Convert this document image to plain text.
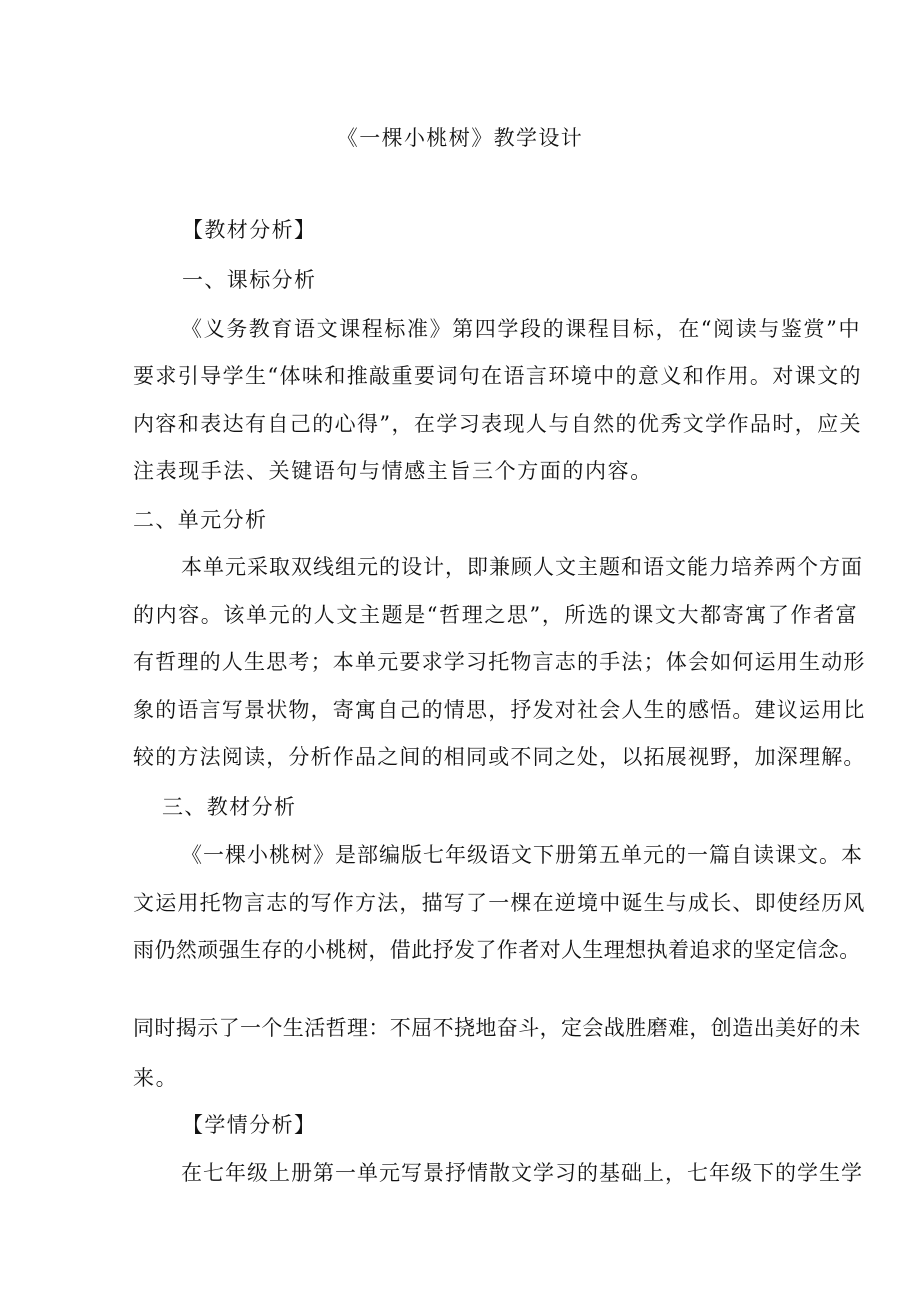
《一棵小桃树》教学设计
【教材分析】
一、课标分析
《义务教育语文课程标准》第四学段的课程目标，在“阅读与鉴赏”中
要求引导学生“体味和推敲重要词句在语言环境中的意义和作用。对课文的
内容和表达有自己的心得”，在学习表现人与自然的优秀文学作品时，应关
注表现手法、关键语句与情感主旨三个方面的内容。
二、单元分析
本单元采取双线组元的设计，即兼顾人文主题和语文能力培养两个方面
的内容。该单元的人文主题是“哲理之思”，所选的课文大都寄寓了作者富
有哲理的人生思考；本单元要求学习托物言志的手法；体会如何运用生动形
象的语言写景状物，寄寓自己的情思，抒发对社会人生的感悟。建议运用比
较的方法阅读，分析作品之间的相同或不同之处，以拓展视野，加深理解。
三、教材分析
《一棵小桃树》是部编版七年级语文下册第五单元的一篇自读课文。本
文运用托物言志的写作方法，描写了一棵在逆境中诞生与成长、即使经历风
雨仍然顽强生存的小桃树，借此抒发了作者对人生理想执着追求的坚定信念。
同时揭示了一个生活哲理：不屈不挠地奋斗，定会战胜磨难，创造出美好的未
来。
【学情分析】
在七年级上册第一单元写景抒情散文学习的基础上，七年级下的学生学
